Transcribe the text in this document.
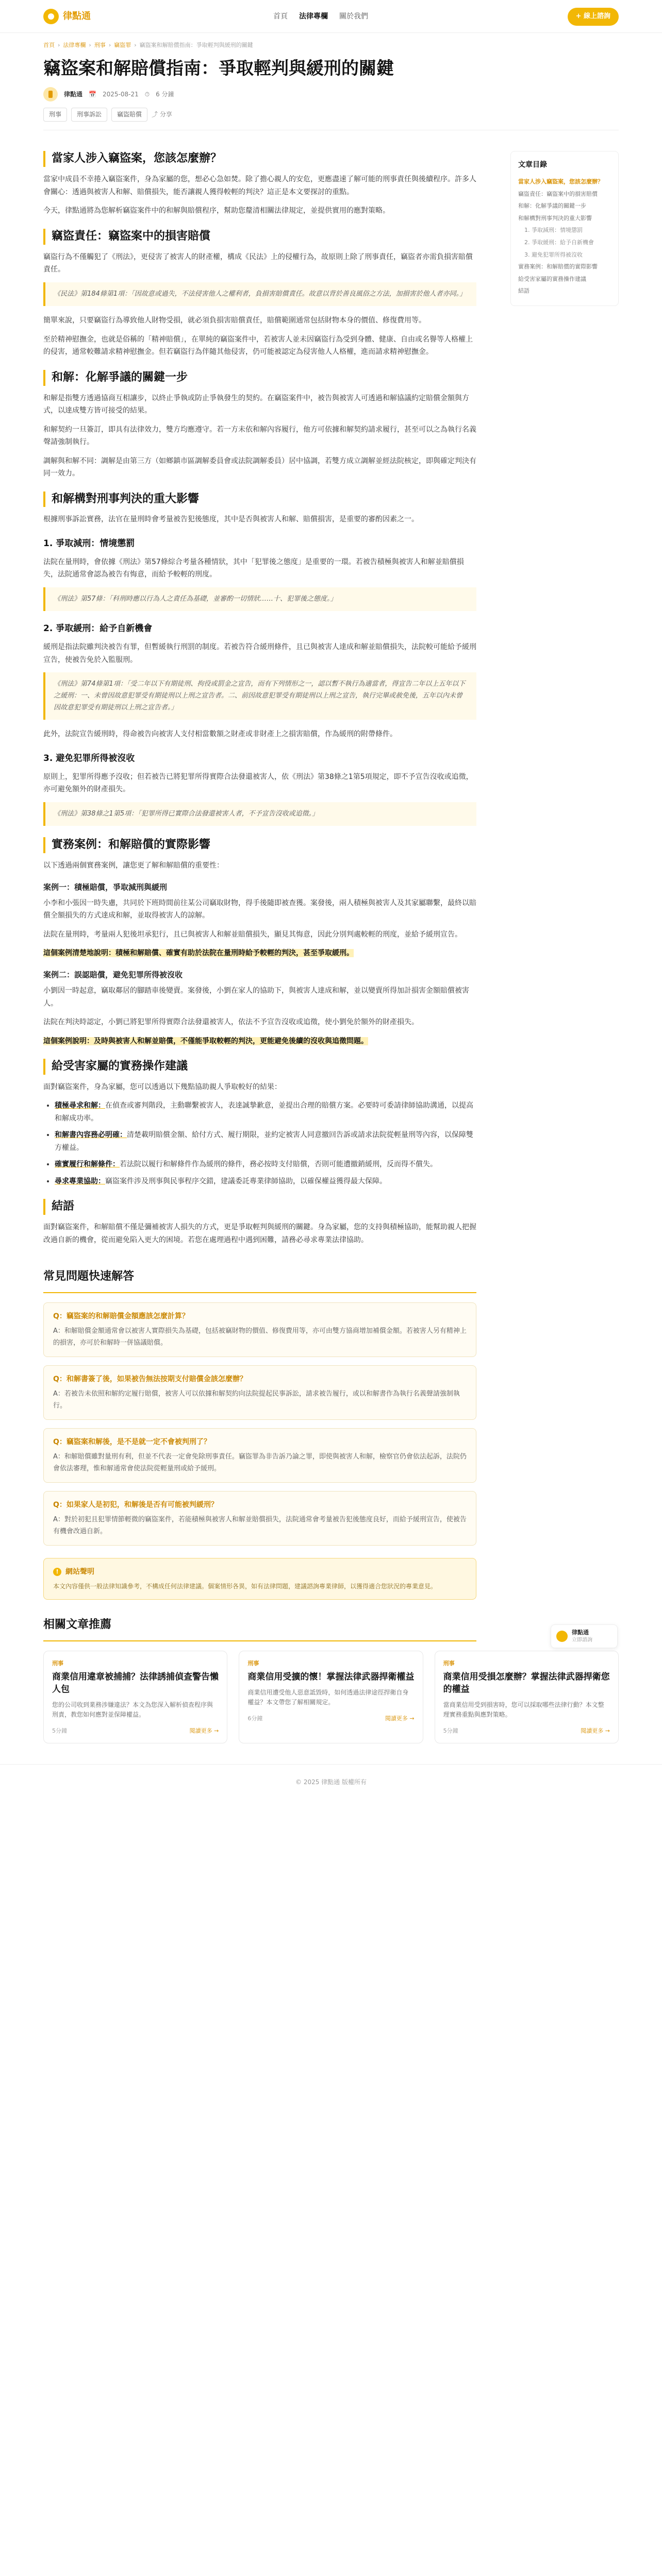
律點通	首頁 法律專欄 關於我們	+ 線上諮詢
首頁 › 法律專欄 › 刑事 › 竊盜罪 › 竊盜案和解賠償指南：爭取輕判與緩刑的關鍵
竊盜案和解賠償指南：爭取輕判與緩刑的關鍵
律點通 📅 2025-08-21 ⏱ 6 分鐘
刑事	刑事訴訟	竊盜賠償	⤴ 分享
文章目錄
當家人涉入竊盜案，您該怎麼辦？
竊盜責任：竊盜案中的損害賠償
和解：化解爭議的關鍵一步
和解構對刑事判決的重大影響
1. 爭取減刑：情境懲罰
2. 爭取緩刑：給予自新機會
3. 避免犯罪所得被沒收
實務案例：和解賠償的實際影響
給受害家屬的實務操作建議
結語
當家人涉入竊盜案，您該怎麼辦？

當家中成員不幸捲入竊盜案件，身為家屬的您，想必心急如焚。除了擔心親人的安危，更應盡速了解可能的刑事責任與後續程序。許多人會關心：透過與被害人和解、賠償損失，能否讓親人獲得較輕的判決？這正是本文要探討的重點。

今天，律點通將為您解析竊盜案件中的和解與賠償程序，幫助您釐清相關法律規定，並提供實用的應對策略。

竊盜責任：竊盜案中的損害賠償

竊盜行為不僅觸犯了《刑法》，更侵害了被害人的財產權，構成《民法》上的侵權行為，故原則上除了刑事責任，竊盜者亦需負損害賠償責任。

《民法》第184條第1項：「因故意或過失，不法侵害他人之權利者，負損害賠償責任。故意以背於善良風俗之方法，加損害於他人者亦同。」

簡單來說，只要竊盜行為導致他人財物受損，就必須負損害賠償責任，賠償範圍通常包括財物本身的價值、修復費用等。

至於精神慰撫金，也就是俗稱的「精神賠償」，在單純的竊盜案件中，若被害人並未因竊盜行為受到身體、健康、自由或名譽等人格權上的侵害，通常較難請求精神慰撫金。但若竊盜行為伴隨其他侵害，仍可能被認定為侵害他人人格權，進而請求精神慰撫金。

和解：化解爭議的關鍵一步

和解是指雙方透過協商互相讓步，以終止爭執或防止爭執發生的契約。在竊盜案件中，被告與被害人可透過和解協議約定賠償金額與方式，以達成雙方皆可接受的結果。

和解契約一旦簽訂，即具有法律效力，雙方均應遵守。若一方未依和解內容履行，他方可依據和解契約請求履行，甚至可以之為執行名義聲請強制執行。

調解與和解不同：調解是由第三方（如鄉鎮市區調解委員會或法院調解委員）居中協調，若雙方成立調解並經法院核定，即與確定判決有同一效力。

和解構對刑事判決的重大影響

根據刑事訴訟實務，法官在量刑時會考量被告犯後態度，其中是否與被害人和解、賠償損害，是重要的審酌因素之一。

1. 爭取減刑：情境懲罰

法院在量刑時，會依據《刑法》第57條綜合考量各種情狀，其中「犯罪後之態度」是重要的一環。若被告積極與被害人和解並賠償損失，法院通常會認為被告有悔意，而給予較輕的刑度。

《刑法》第57條：「科刑時應以行為人之責任為基礎，並審酌一切情狀……十、犯罪後之態度。」
2. 爭取緩刑：給予自新機會

緩刑是指法院雖判決被告有罪，但暫緩執行刑罰的制度。若被告符合緩刑條件，且已與被害人達成和解並賠償損失，法院較可能給予緩刑宣告，使被告免於入監服刑。

《刑法》第74條第1項：「受二年以下有期徒刑、拘役或罰金之宣告，而有下列情形之一，認以暫不執行為適當者，得宣告二年以上五年以下之緩刑：一、未曾因故意犯罪受有期徒刑以上刑之宣告者。二、前因故意犯罪受有期徒刑以上刑之宣告，執行完畢或赦免後，五年以內未曾因故意犯罪受有期徒刑以上刑之宣告者。」

此外，法院宣告緩刑時，得命被告向被害人支付相當數額之財產或非財產上之損害賠償，作為緩刑的附帶條件。

3. 避免犯罪所得被沒收

原則上，犯罪所得應予沒收；但若被告已將犯罪所得實際合法發還被害人，依《刑法》第38條之1第5項規定，即不予宣告沒收或追徵，亦可避免額外的財產損失。

《刑法》第38條之1第5項：「犯罪所得已實際合法發還被害人者，不予宣告沒收或追徵。」
實務案例：和解賠償的實際影響

以下透過兩個實務案例，讓您更了解和解賠償的重要性：

案例一：積極賠償，爭取減刑與緩刑

小李和小張因一時失慮，共同於下班時間前往某公司竊取財物，得手後隨即被查獲。案發後，兩人積極與被害人及其家屬聯繫，最終以賠償全額損失的方式達成和解，並取得被害人的諒解。

法院在量刑時，考量兩人犯後坦承犯行，且已與被害人和解並賠償損失，顯見其悔意，因此分別判處較輕的刑度，並給予緩刑宣告。

這個案例清楚地說明：積極和解賠償、確實有助於法院在量刑時給予較輕的判決，甚至爭取緩刑。

案例二：誤認賠償，避免犯罪所得被沒收

小劉因一時起意，竊取鄰居的腳踏車後變賣。案發後，小劉在家人的協助下，與被害人達成和解，並以變賣所得加計損害金額賠償被害人。

法院在判決時認定，小劉已將犯罪所得實際合法發還被害人，依法不予宣告沒收或追徵，使小劉免於額外的財產損失。

這個案例說明：及時與被害人和解並賠償，不僅能爭取較輕的判決，更能避免後續的沒收與追徵問題。

給受害家屬的實務操作建議

面對竊盜案件，身為家屬，您可以透過以下幾點協助親人爭取較好的結果：

• 積極尋求和解：在偵查或審判階段，主動聯繫被害人，表達誠摯歉意，並提出合理的賠償方案。必要時可委請律師協助溝通，以提高和解成功率。
• 和解書內容務必明確：清楚載明賠償金額、給付方式、履行期限，並約定被害人同意撤回告訴或請求法院從輕量刑等內容，以保障雙方權益。
• 確實履行和解條件：若法院以履行和解條件作為緩刑的條件，務必按時支付賠償，否則可能遭撤銷緩刑，反而得不償失。
• 尋求專業協助：竊盜案件涉及刑事與民事程序交錯，建議委託專業律師協助，以確保權益獲得最大保障。
結語

面對竊盜案件，和解賠償不僅是彌補被害人損失的方式，更是爭取輕判與緩刑的關鍵。身為家屬，您的支持與積極協助，能幫助親人把握改過自新的機會，從而避免陷入更大的困境。若您在處理過程中遇到困難，請務必尋求專業法律協助。

常見問題快速解答
Q：竊盜案的和解賠償金額應該怎麼計算？
A：和解賠償金額通常會以被害人實際損失為基礎，包括被竊財物的價值、修復費用等，亦可由雙方協商增加補償金額。若被害人另有精神上的損害，亦可於和解時一併協議賠償。
Q：和解書簽了後，如果被告無法按期支付賠償金該怎麼辦？
A：若被告未依照和解約定履行賠償，被害人可以依據和解契約向法院提起民事訴訟，請求被告履行，或以和解書作為執行名義聲請強制執行。
Q：竊盜案和解後，是不是就一定不會被判刑了？
A：和解賠償雖對量刑有利，但並不代表一定會免除刑事責任。竊盜罪為非告訴乃論之罪，即使與被害人和解，檢察官仍會依法起訴，法院仍會依法審理，惟和解通常會使法院從輕量刑或給予緩刑。
Q：如果家人是初犯，和解後是否有可能被判緩刑？
A：對於初犯且犯罪情節輕微的竊盜案件，若能積極與被害人和解並賠償損失，法院通常會考量被告犯後態度良好，而給予緩刑宣告，使被告有機會改過自新。
! 網站聲明
本文內容僅供一般法律知識參考，不構成任何法律建議。個案情形各異，如有法律問題，建議諮詢專業律師，以獲得適合您狀況的專業意見。
相關文章推薦
刑事
商業信用違章被捕捕？法律誘捕偵查警告懶人包
您的公司收到業務涉嫌違法？本文為您深入解析偵查程序與刑責，教您如何應對並保障權益。
5分鐘	閱讀更多 →
刑事
商業信用受擴的懷！掌握法律武器捍衛權益
商業信用遭受他人惡意詆毀時，如何透過法律途徑捍衛自身權益？本文帶您了解相關規定。
6分鐘	閱讀更多 →
刑事
商業信用受損怎麼辦？掌握法律武器捍衛您的權益
當商業信用受到損害時，您可以採取哪些法律行動？本文整理實務重點與應對策略。
5分鐘	閱讀更多 →
律點通
立即諮詢
© 2025 律點通 版權所有
